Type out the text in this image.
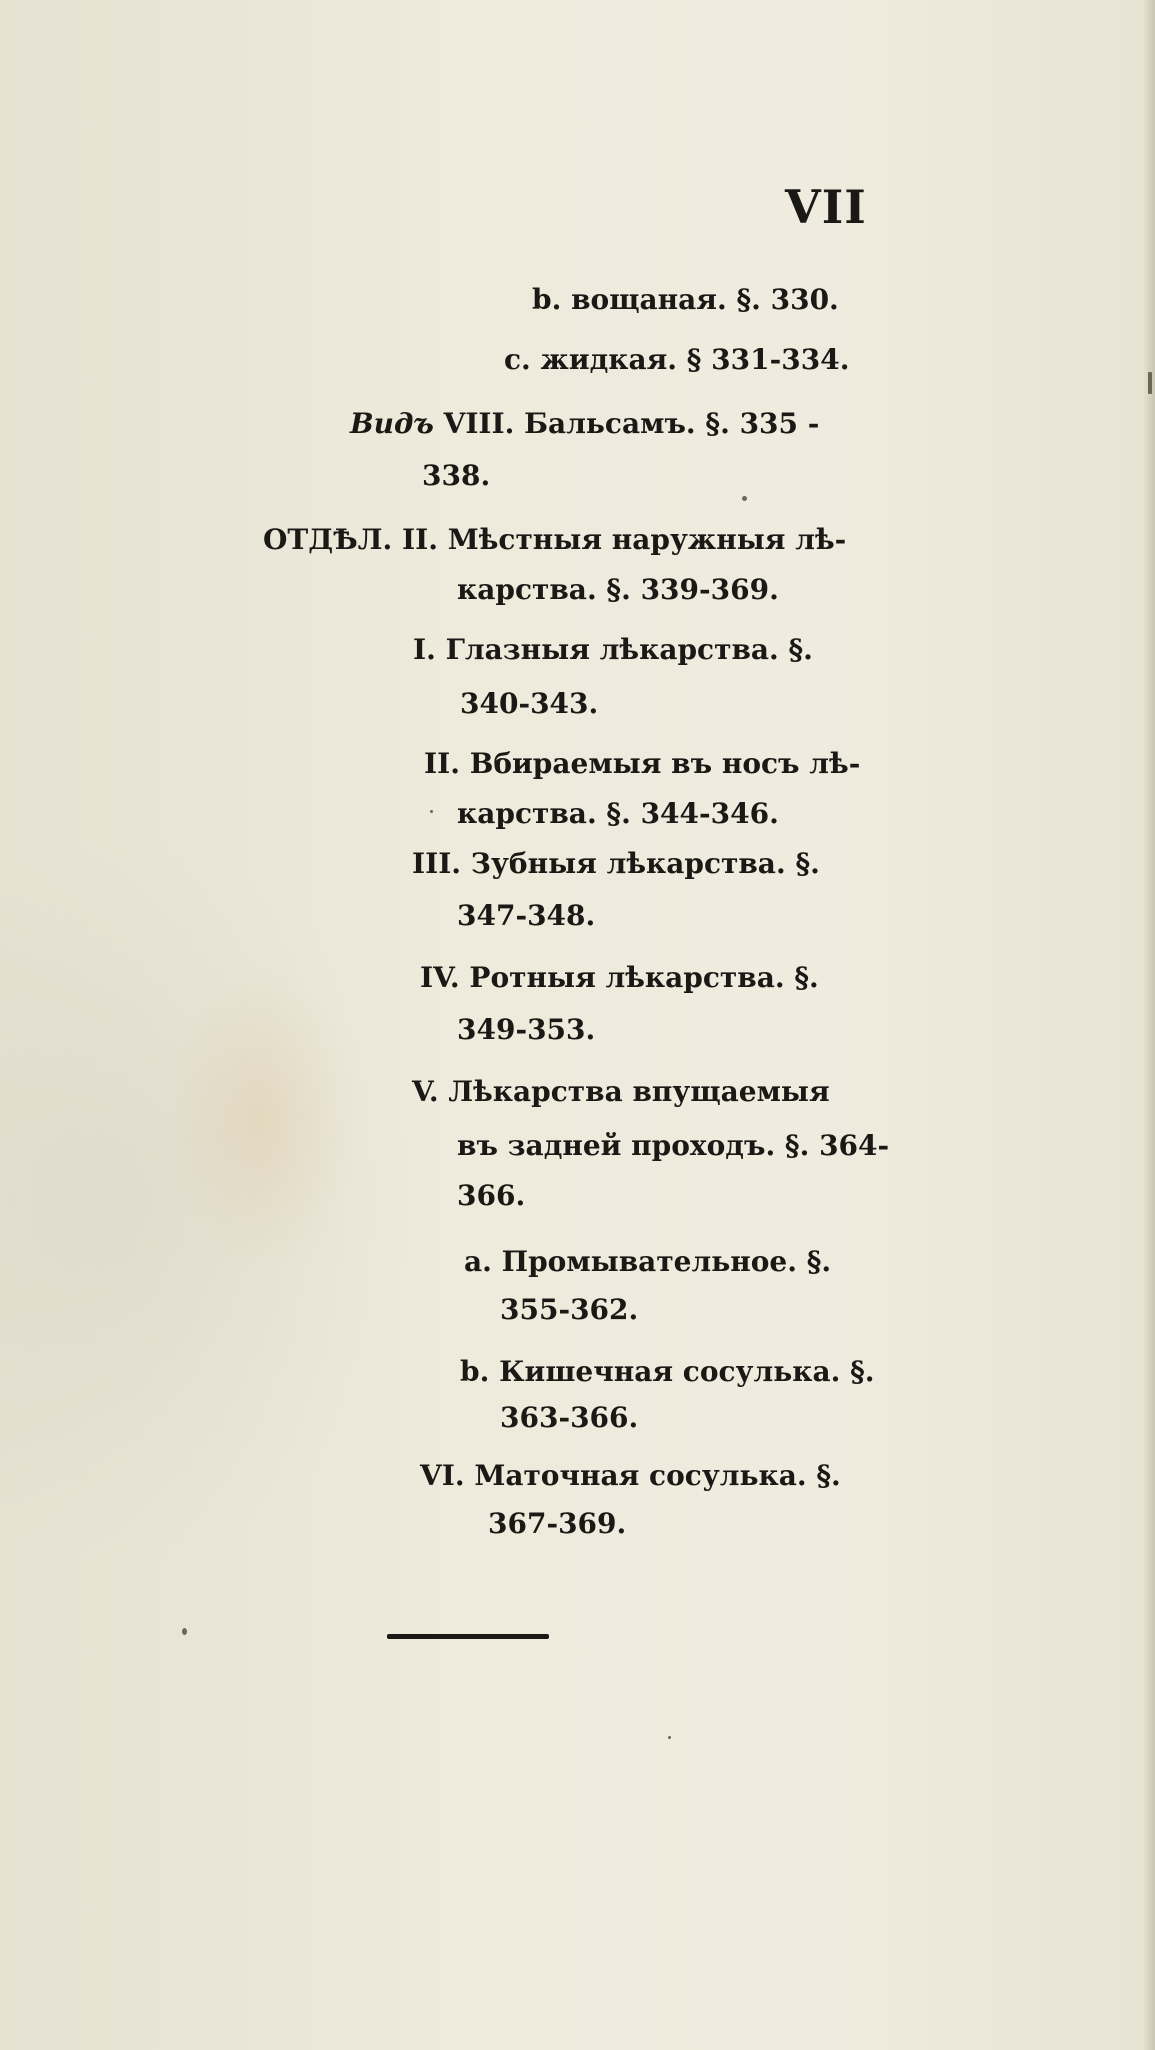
VII
b. вощаная. §. 330.
c. жидкая. § 331-334.
Видъ VIII. Бальсамъ. §. 335 -
338.
ОТДѢЛ. II. Мѣстныя наружныя лѣ-
карства. §. 339-369.
I. Глазныя лѣкарства. §.
340-343.
II. Вбираемыя въ носъ лѣ-
карства. §. 344-346.
III. Зубныя лѣкарства. §.
347-348.
IV. Ротныя лѣкарства. §.
349-353.
V. Лѣкарства впущаемыя
въ задней проходъ. §. 364-
366.
a. Промывательное. §.
355-362.
b. Кишечная сосулька. §.
363-366.
VI. Маточная сосулька. §.
367-369.
